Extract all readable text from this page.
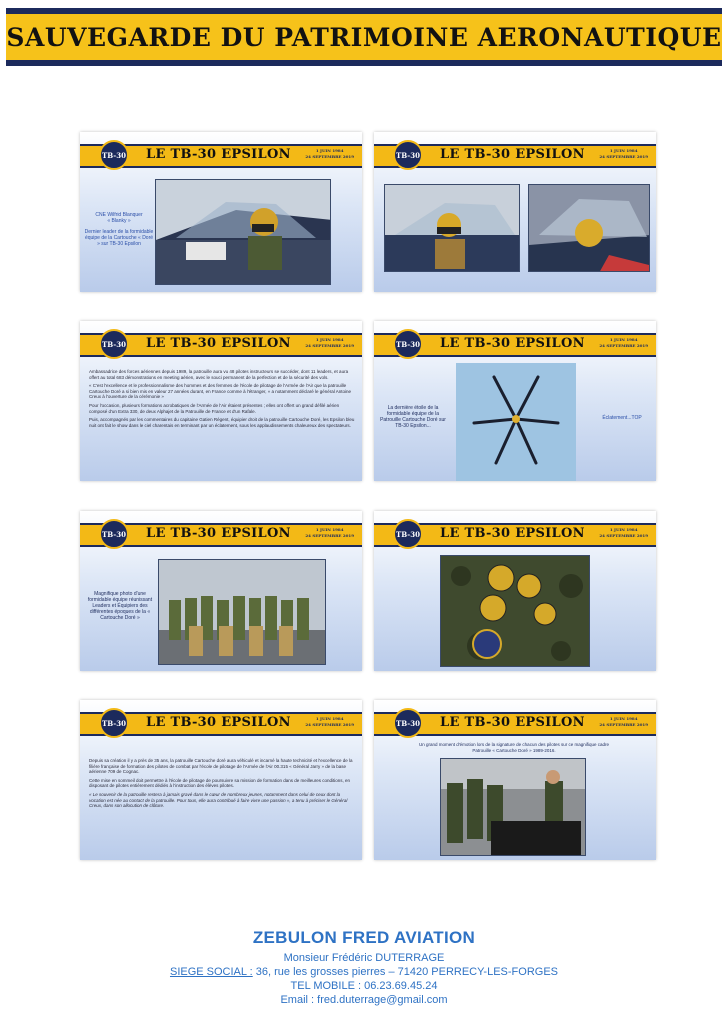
SAUVEGARDE DU PATRIMOINE AERONAUTIQUE
TB-30 LE TB-30 EPSILON	1 JUIN 1984
24 SEPTEMBRE 2019
CNE Wilfrid Blanquer
« Blanky »
Dernier leader de la formidable équipe de la Cartouche « Doré » sur TB-30 Epsilon
TB-30 LE TB-30 EPSILON	1 JUIN 1984
24 SEPTEMBRE 2019
TB-30 LE TB-30 EPSILON	1 JUIN 1984
24 SEPTEMBRE 2019

Ambassadrice des forces aériennes depuis 1989, la patrouille aura vu 48 pilotes instructeurs se succéder, dont 11 leaders, et aura offert au total 683 démonstrations en meeting aérien, avec le souci permanent de la perfection et de la sécurité des vols.

« C'est l'excellence et le professionnalisme des hommes et des femmes de l'école de pilotage de l'Armée de l'Air que la patrouille Cartouche Doré a si bien mis en valeur 27 années durant, en France comme à l'étranger, » a notamment déclaré le général Antoine Creux à l'ouverture de la cérémonie »

Pour l'occasion, plusieurs formations acrobatiques de l'Armée de l'Air étaient présentes ; elles ont offert un grand défilé aérien composé d'un Extra 330, de deux Alphajet de la Patrouille de France et d'un Rafale.

Puis, accompagnés par les commentaires du capitaine Gatien Régent, équipier droit de la patrouille Cartouche Doré, les Epsilon bleu nuit ont fait le show dans le ciel charentais en terminant par un éclatement, sous les applaudissements chaleureux des spectateurs.

TB-30 LE TB-30 EPSILON	1 JUIN 1984
24 SEPTEMBRE 2019
La dernière étoile de la formidable équipe de la Patrouille Cartouche Doré sur TB-30 Epsilon...
Éclatement...TOP
TB-30 LE TB-30 EPSILON	1 JUIN 1984
24 SEPTEMBRE 2019
Magnifique photo d'une formidable équipe réunissant Leaders et Équipiers des différentes époques de la « Cartouche Doré »
TB-30 LE TB-30 EPSILON	1 JUIN 1984
24 SEPTEMBRE 2019
TB-30 LE TB-30 EPSILON	1 JUIN 1984
24 SEPTEMBRE 2019

Depuis sa création il y a près de 35 ans, la patrouille Cartouche doré aura véhiculé et incarné la haute technicité et l'excellence de la filière française de formation des pilotes de combat par l'école de pilotage de l'Armée de l'Air 00.315 « Général Jarry » de la base aérienne 709 de Cognac.

Cette mise en sommeil doit permettre à l'école de pilotage de poursuivre sa mission de formation dans de meilleures conditions, en disposant de pilotes entièrement dédiés à l'instruction des élèves pilotes.

« Le souvenir de la patrouille restera à jamais gravé dans le cœur de nombreux jeunes, notamment dans celui de ceux dont la vocation est née au contact de la patrouille. Pour tous, elle aura contribué à faire vivre une passion », a tenu à préciser le Général Creux, dans son allocution de clôture.

TB-30 LE TB-30 EPSILON	1 JUIN 1984
24 SEPTEMBRE 2019
Un grand moment d'émotion lors de la signature de chacun des pilotes sur ce magnifique cadre Patrouille « Cartouche Doré » 1989-2016.
ZEBULON FRED AVIATION
Monsieur Frédéric DUTERRAGE
SIEGE SOCIAL : 36, rue les grosses pierres – 71420 PERRECY-LES-FORGES
TEL MOBILE : 06.23.69.45.24
Email : fred.duterrage@gmail.com
